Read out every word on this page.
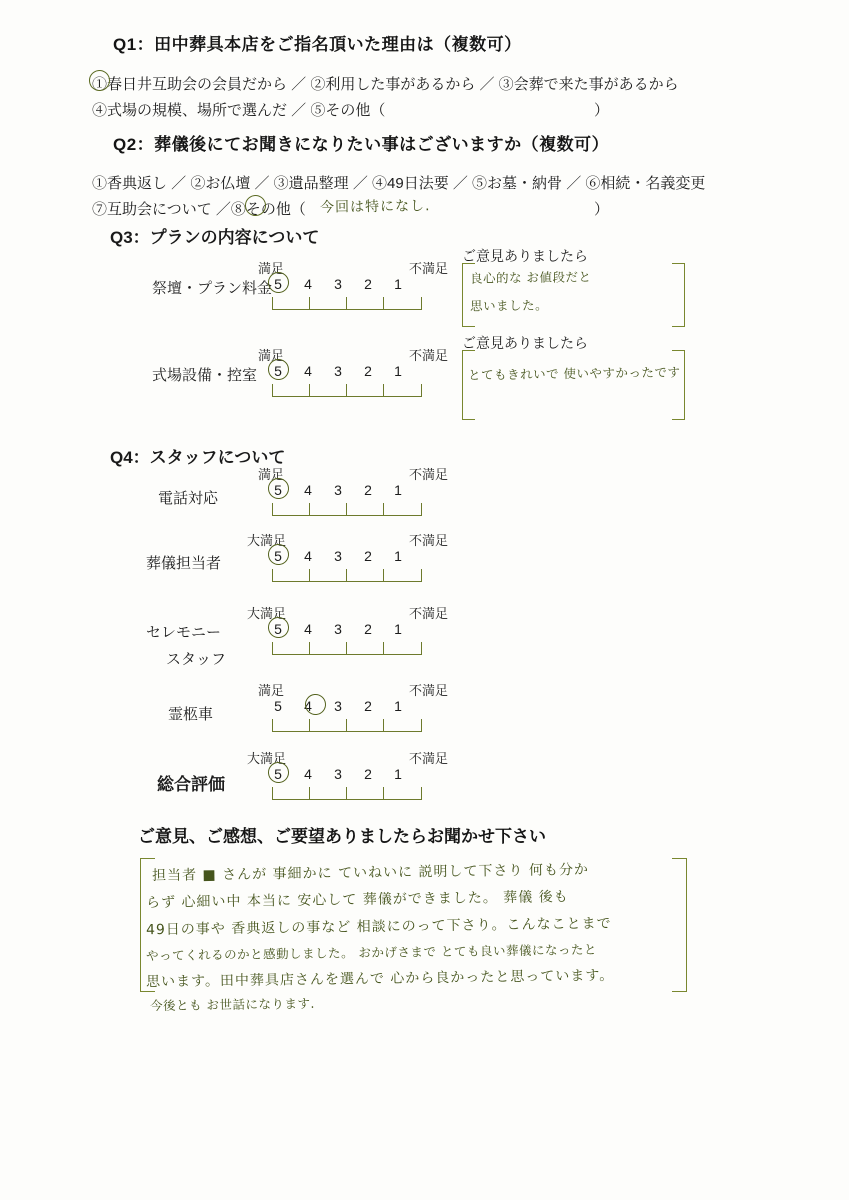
Q1：田中葬具本店をご指名頂いた理由は（複数可）
①春日井互助会の会員だから ／ ②利用した事があるから ／ ③会葬で来た事があるから
④式場の規模、場所で選んだ ／ ⑤その他（	）
Q2：葬儀後にてお聞きになりたい事はございますか（複数可）
①香典返し ／ ②お仏壇 ／ ③遺品整理 ／ ④49日法要 ／ ⑤お墓・納骨 ／ ⑥相続・名義変更
⑦互助会について ／⑧その他（	）
今回は特になし.
Q3：プランの内容について
祭壇・プラン料金
満足	不満足
5 4 3 2 1
ご意見ありましたら
良心的な お値段だと
思いました。
式場設備・控室
満足	不満足
5 4 3 2 1
ご意見ありましたら
とてもきれいで 使いやすかったです
Q4：スタッフについて
電話対応
満足	不満足
5 4 3 2 1
葬儀担当者
大満足	不満足
5 4 3 2 1
セレモニー
スタッフ
大満足	不満足
5 4 3 2 1
霊柩車
満足	不満足
5 4 3 2 1
総合評価
大満足	不満足
5 4 3 2 1
ご意見、ご感想、ご要望ありましたらお聞かせ下さい
担当者 ■ さんが 事細かに ていねいに 説明して下さり 何も分か
らず 心細い中 本当に 安心して 葬儀ができました。 葬儀 後も
49日の事や 香典返しの事など 相談にのって下さり。こんなことまで
やってくれるのかと感動しました。 おかげさまで とても良い葬儀になったと
思います。田中葬具店さんを選んで 心から良かったと思っています。
今後とも お世話になります.
